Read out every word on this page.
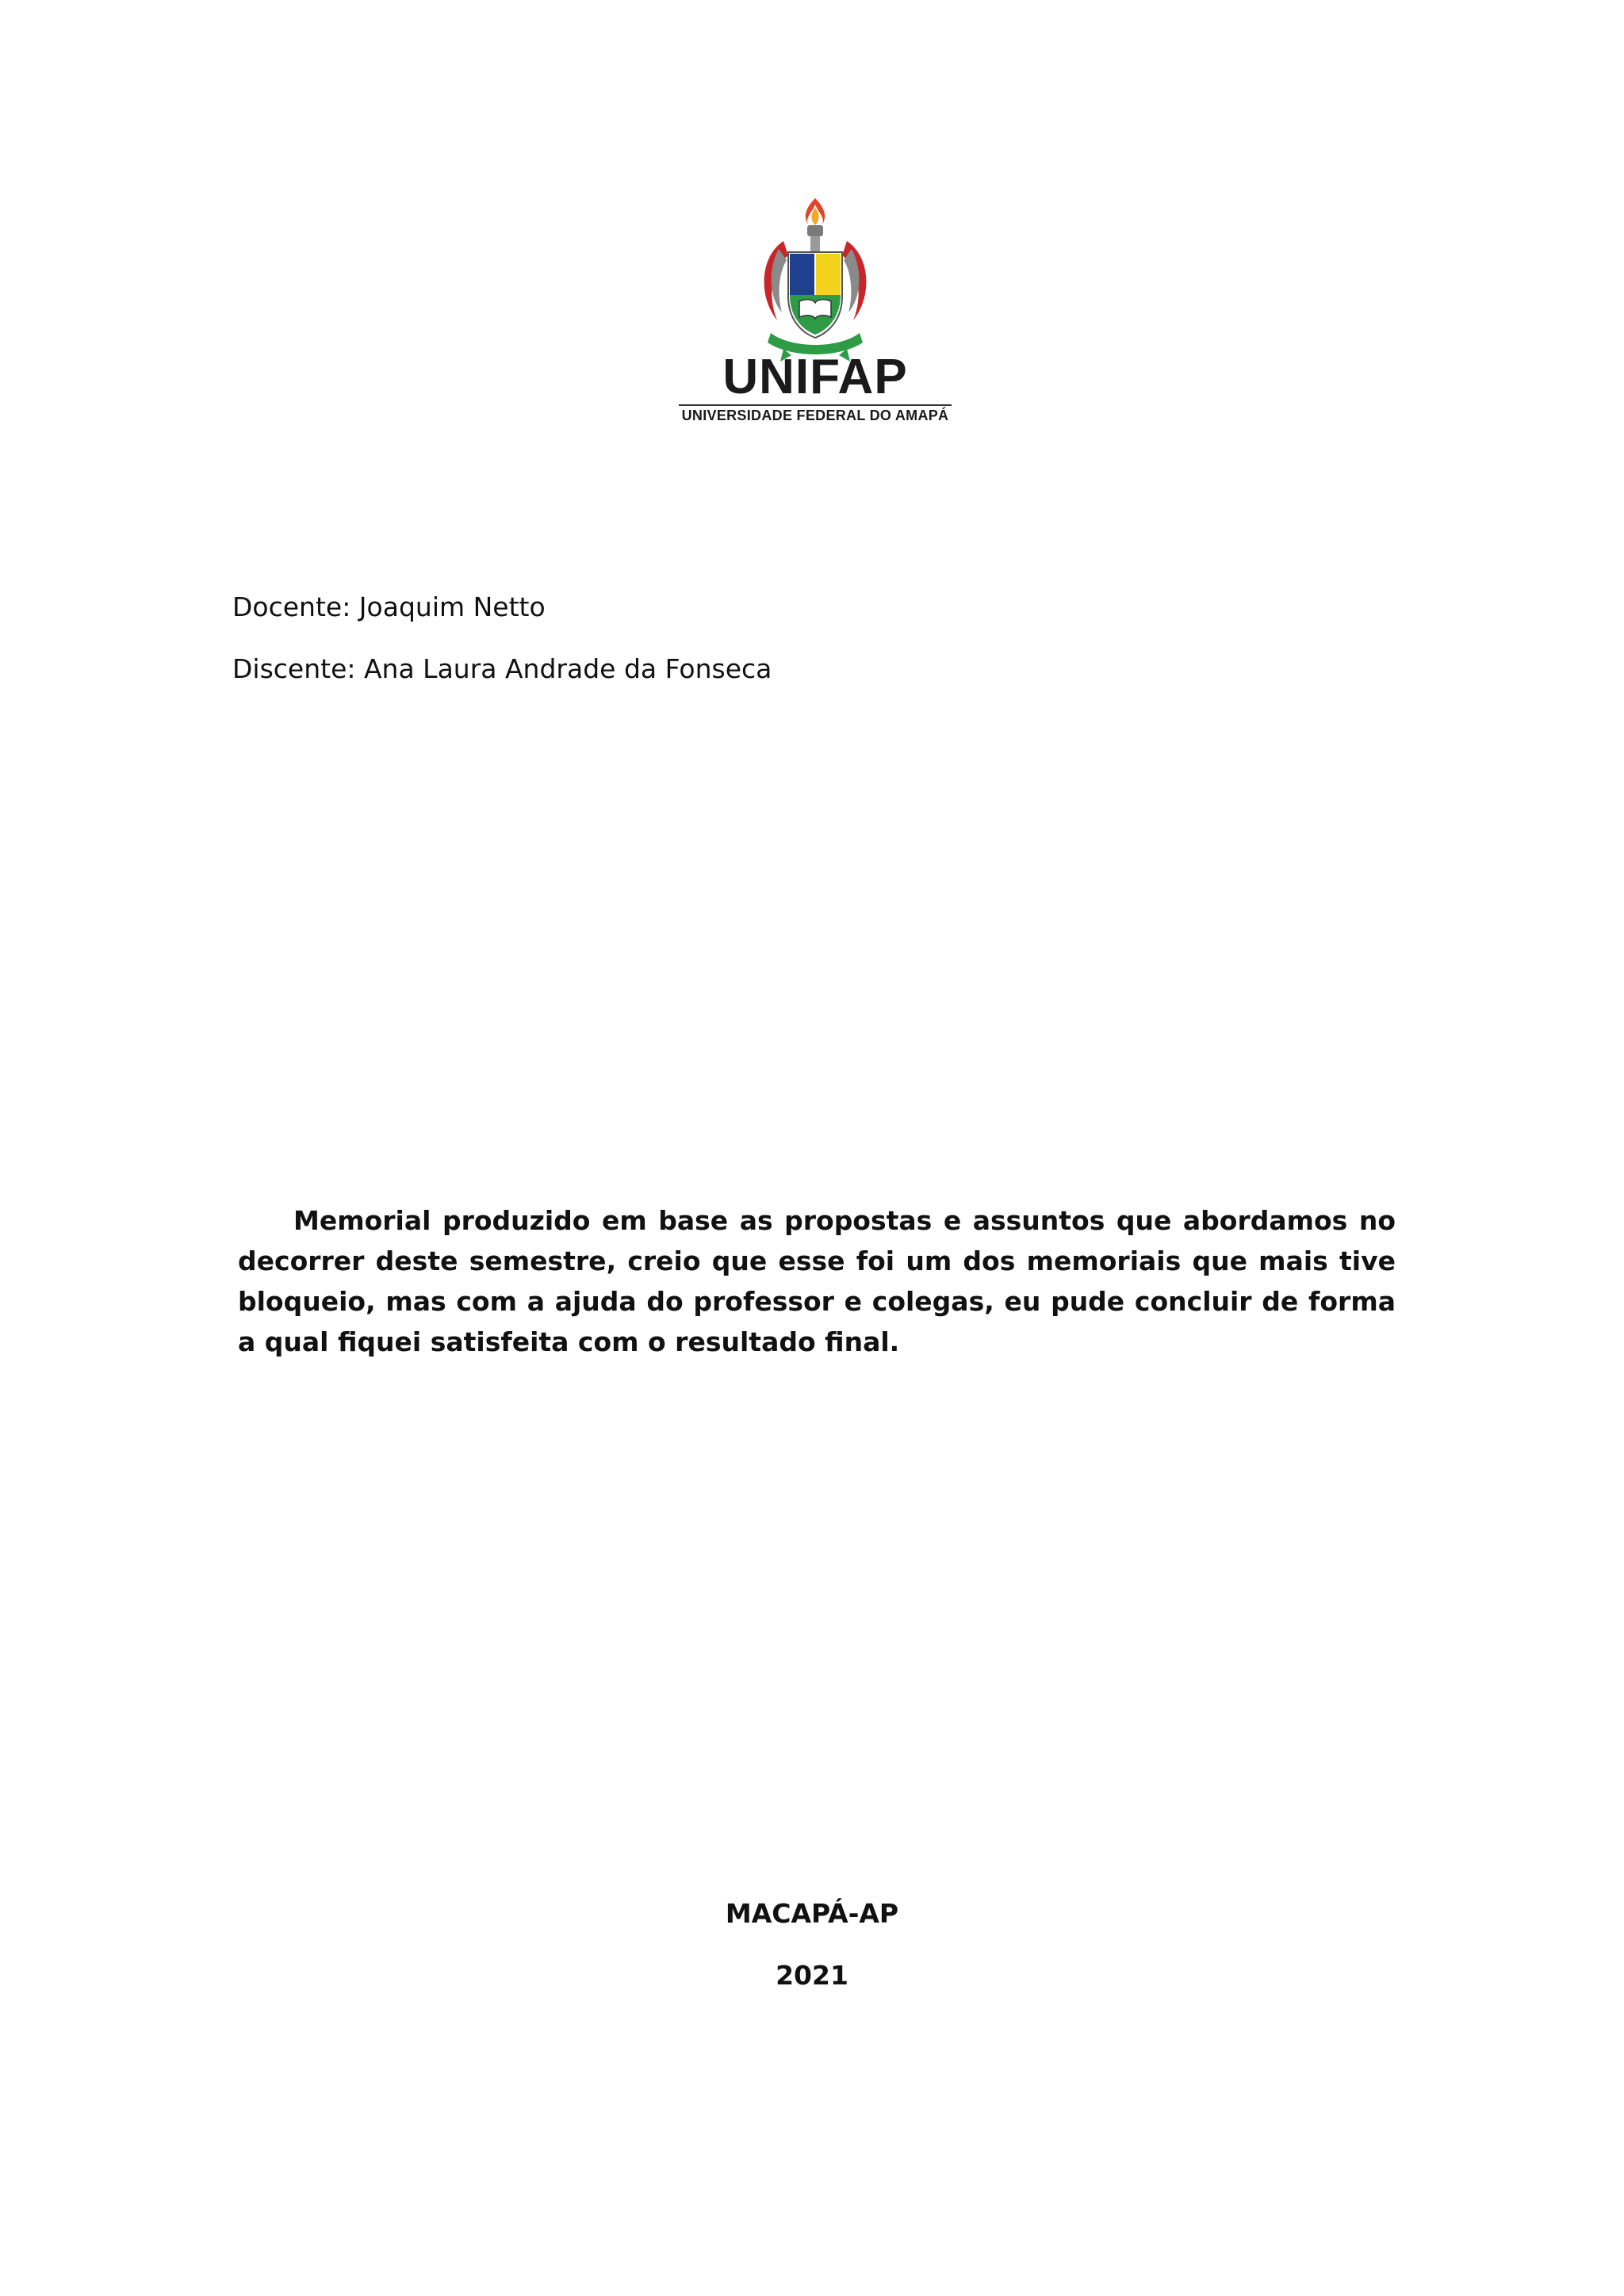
UNIFAP
UNIVERSIDADE FEDERAL DO AMAPÁ
Docente: Joaquim Netto
Discente: Ana Laura Andrade da Fonseca
Memorial produzido em base as propostas e assuntos que abordamos no decorrer deste semestre, creio que esse foi um dos memoriais que mais tive bloqueio, mas com a ajuda do professor e colegas, eu pude concluir de forma a qual fiquei satisfeita com o resultado final.
MACAPÁ-AP
2021
